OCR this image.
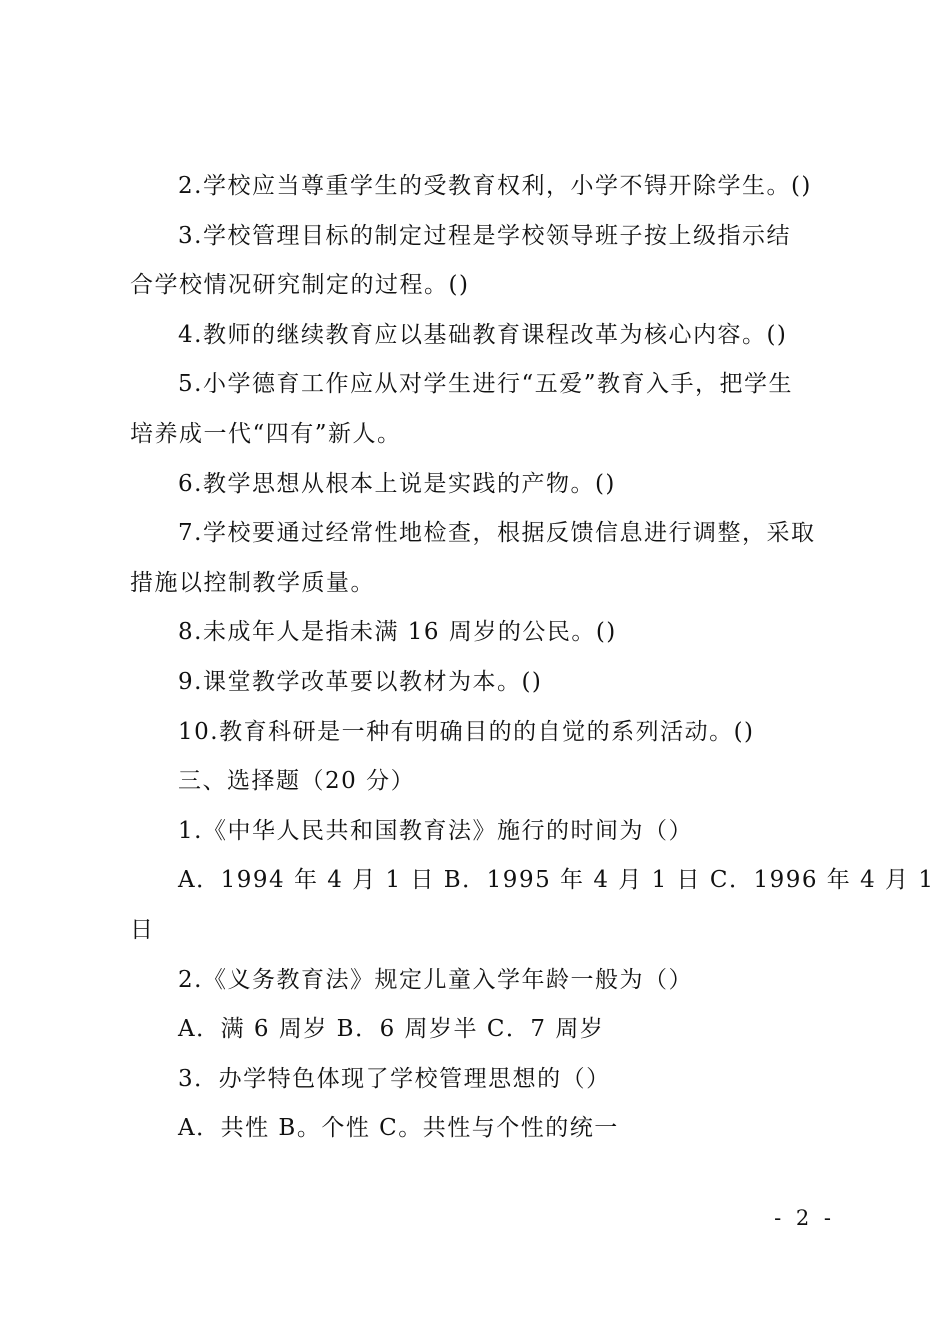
2.学校应当尊重学生的受教育权利，小学不锝开除学生。()
3.学校管理目标的制定过程是学校领导班子按上级指示结
合学校情况研究制定的过程。()
4.教师的继续教育应以基础教育课程改革为核心内容。()
5.小学德育工作应从对学生进行“五爱”教育入手，把学生
培养成一代“四有”新人。
6.教学思想从根本上说是实践的产物。()
7.学校要通过经常性地检查，根据反馈信息进行调整，采取
措施以控制教学质量。
8.未成年人是指未满 16 周岁的公民。()
9.课堂教学改革要以教材为本。()
10.教育科研是一种有明确目的的自觉的系列活动。()
三、选择题（20 分）
1.《中华人民共和国教育法》施行的时间为（）
A．1994 年 4 月 1 日 B．1995 年 4 月 1 日 C．1996 年 4 月 1
日
2.《义务教育法》规定儿童入学年龄一般为（）
A．满 6 周岁 B．6 周岁半 C．7 周岁
3．办学特色体现了学校管理思想的（）
A．共性 B。个性 C。共性与个性的统一
- 2 -
